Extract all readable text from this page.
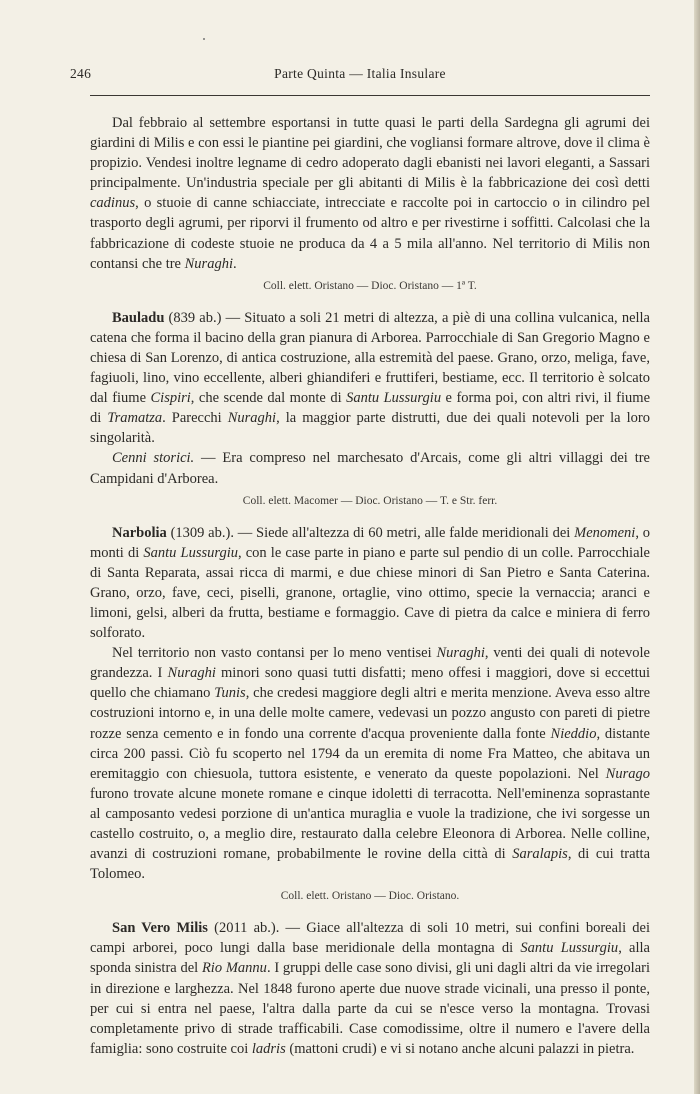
246	Parte Quinta — Italia Insulare

Dal febbraio al settembre esportansi in tutte quasi le parti della Sardegna gli agrumi dei giardini di Milis e con essi le piantine pei giardini, che vogliansi formare altrove, dove il clima è propizio. Vendesi inoltre legname di cedro adoperato dagli ebanisti nei lavori eleganti, a Sassari principalmente. Un'industria speciale per gli abitanti di Milis è la fabbricazione dei così detti cadinus, o stuoie di canne schiacciate, intrecciate e raccolte poi in cartoccio o in cilindro pel trasporto degli agrumi, per riporvi il frumento od altro e per rivestirne i soffitti. Calcolasi che la fabbricazione di codeste stuoie ne produca da 4 a 5 mila all'anno. Nel territorio di Milis non contansi che tre Nuraghi.

Coll. elett. Oristano — Dioc. Oristano — 1ª T.

Bauladu (839 ab.) — Situato a soli 21 metri di altezza, a piè di una collina vulcanica, nella catena che forma il bacino della gran pianura di Arborea. Parrocchiale di San Gregorio Magno e chiesa di San Lorenzo, di antica costruzione, alla estremità del paese. Grano, orzo, meliga, fave, fagiuoli, lino, vino eccellente, alberi ghiandiferi e fruttiferi, bestiame, ecc. Il territorio è solcato dal fiume Cispiri, che scende dal monte di Santu Lussurgiu e forma poi, con altri rivi, il fiume di Tramatza. Parecchi Nuraghi, la maggior parte distrutti, due dei quali notevoli per la loro singolarità.

Cenni storici. — Era compreso nel marchesato d'Arcais, come gli altri villaggi dei tre Campidani d'Arborea.

Coll. elett. Macomer — Dioc. Oristano — T. e Str. ferr.

Narbolia (1309 ab.). — Siede all'altezza di 60 metri, alle falde meridionali dei Menomeni, o monti di Santu Lussurgiu, con le case parte in piano e parte sul pendio di un colle. Parrocchiale di Santa Reparata, assai ricca di marmi, e due chiese minori di San Pietro e Santa Caterina. Grano, orzo, fave, ceci, piselli, granone, ortaglie, vino ottimo, specie la vernaccia; aranci e limoni, gelsi, alberi da frutta, bestiame e formaggio. Cave di pietra da calce e miniera di ferro solforato.

Nel territorio non vasto contansi per lo meno ventisei Nuraghi, venti dei quali di notevole grandezza. I Nuraghi minori sono quasi tutti disfatti; meno offesi i maggiori, dove si eccettui quello che chiamano Tunis, che credesi maggiore degli altri e merita menzione. Aveva esso altre costruzioni intorno e, in una delle molte camere, vedevasi un pozzo angusto con pareti di pietre rozze senza cemento e in fondo una corrente d'acqua proveniente dalla fonte Nieddio, distante circa 200 passi. Ciò fu scoperto nel 1794 da un eremita di nome Fra Matteo, che abitava un eremitaggio con chiesuola, tuttora esistente, e venerato da queste popolazioni. Nel Nurago furono trovate alcune monete romane e cinque idoletti di terracotta. Nell'eminenza soprastante al camposanto vedesi porzione di un'antica muraglia e vuole la tradizione, che ivi sorgesse un castello costruito, o, a meglio dire, restaurato dalla celebre Eleonora di Arborea. Nelle colline, avanzi di costruzioni romane, probabilmente le rovine della città di Saralapis, di cui tratta Tolomeo.

Coll. elett. Oristano — Dioc. Oristano.

San Vero Milis (2011 ab.). — Giace all'altezza di soli 10 metri, sui confini boreali dei campi arborei, poco lungi dalla base meridionale della montagna di Santu Lussurgiu, alla sponda sinistra del Rio Mannu. I gruppi delle case sono divisi, gli uni dagli altri da vie irregolari in direzione e larghezza. Nel 1848 furono aperte due nuove strade vicinali, una presso il ponte, per cui si entra nel paese, l'altra dalla parte da cui se n'esce verso la montagna. Trovasi completamente privo di strade trafficabili. Case comodissime, oltre il numero e l'avere della famiglia: sono costruite coi ladris (mattoni crudi) e vi si notano anche alcuni palazzi in pietra.
